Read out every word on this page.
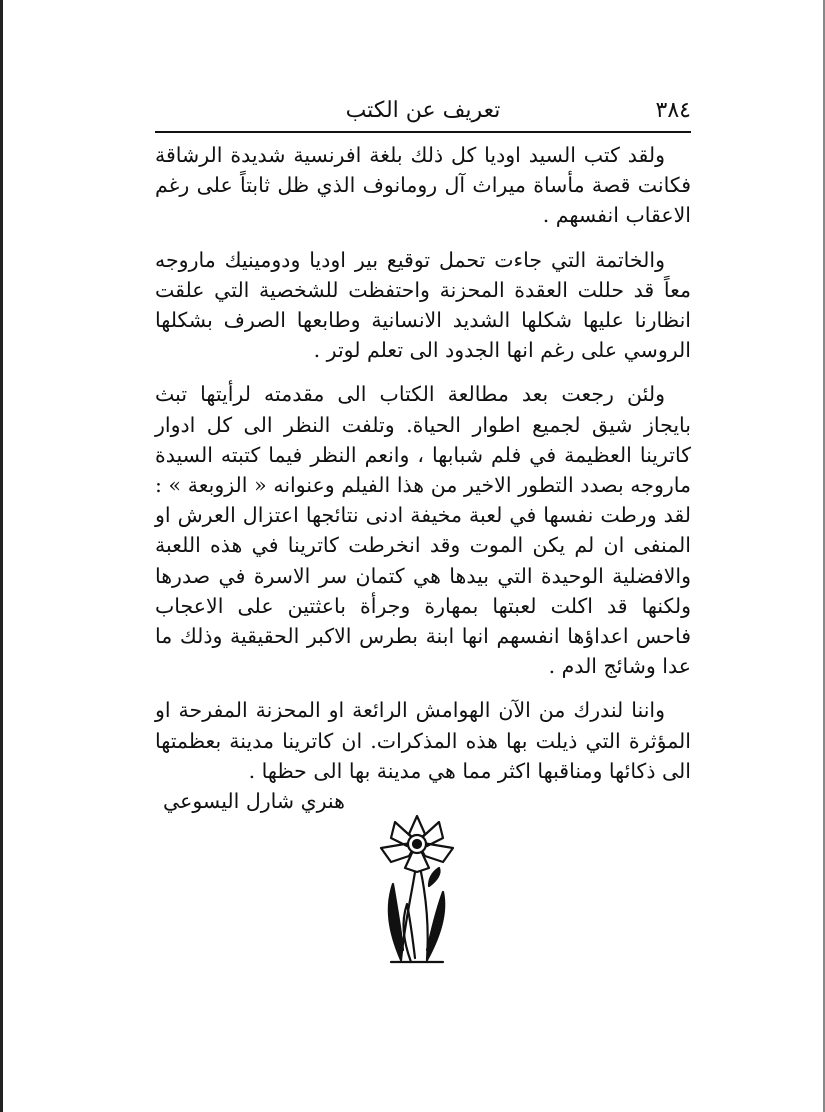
٣٨٤
تعريف عن الكتب

ولقد كتب السيد اوديا كل ذلك بلغة افرنسية شديدة الرشاقة فكانت قصة مأساة ميراث آل رومانوف الذي ظل ثابتاً على رغم الاعقاب انفسهم .

والخاتمة التي جاءت تحمل توقيع بير اوديا ودومينيك ماروجه معاً قد حللت العقدة المحزنة واحتفظت للشخصية التي علقت انظارنا عليها شكلها الشديد الانسانية وطابعها الصرف بشكلها الروسي على رغم انها الجدود الى تعلم لوتر .

ولئن رجعت بعد مطالعة الكتاب الى مقدمته لرأيتها تبث بايجاز شيق لجميع اطوار الحياة. وتلفت النظر الى كل ادوار كاترينا العظيمة في فلم شبابها ، وانعم النظر فيما كتبته السيدة ماروجه بصدد التطور الاخير من هذا الفيلم وعنوانه « الزوبعة » : لقد ورطت نفسها في لعبة مخيفة ادنى نتائجها اعتزال العرش او المنفى ان لم يكن الموت وقد انخرطت كاترينا في هذه اللعبة والافضلية الوحيدة التي بيدها هي كتمان سر الاسرة في صدرها ولكنها قد اكلت لعبتها بمهارة وجرأة باعثتين على الاعجاب فاحس اعداؤها انفسهم انها ابنة بطرس الاكبر الحقيقية وذلك ما عدا وشائج الدم .

واننا لندرك من الآن الهوامش الرائعة او المحزنة المفرحة او المؤثرة التي ذيلت بها هذه المذكرات. ان كاترينا مدينة بعظمتها الى ذكائها ومناقبها اكثر مما هي مدينة بها الى حظها .

هنري شارل اليسوعي
